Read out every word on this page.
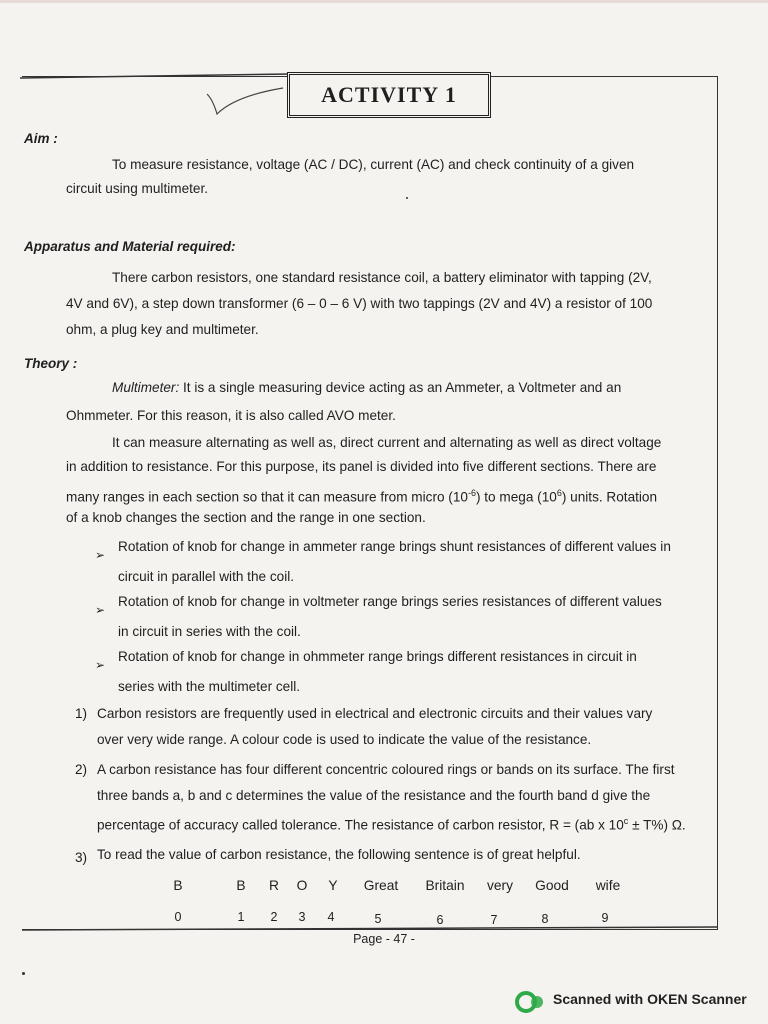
ACTIVITY 1
Aim :
To measure resistance, voltage (AC / DC), current (AC) and check continuity of a given
circuit using multimeter.
Apparatus and Material required:
There carbon resistors, one standard resistance coil, a battery eliminator with tapping (2V,
4V and 6V), a step down transformer (6 – 0 – 6 V) with two tappings (2V and 4V) a resistor of 100
ohm, a plug key and multimeter.
Theory :
Multimeter: It is a single measuring device acting as an Ammeter, a Voltmeter and an
Ohmmeter. For this reason, it is also called AVO meter.
It can measure alternating as well as, direct current and alternating as well as direct voltage
in addition to resistance. For this purpose, its panel is divided into five different sections. There are
many ranges in each section so that it can measure from micro $(10^{-6})$ to mega $(10^6)$ units. Rotation
of a knob changes the section and the range in one section.
➢
Rotation of knob for change in ammeter range brings shunt resistances of different values in
circuit in parallel with the coil.
➢
Rotation of knob for change in voltmeter range brings series resistances of different values
in circuit in series with the coil.
➢
Rotation of knob for change in ohmmeter range brings different resistances in circuit in
series with the multimeter cell.
1) Carbon resistors are frequently used in electrical and electronic circuits and their values vary
over very wide range. A colour code is used to indicate the value of the resistance.
2) A carbon resistance has four different concentric coloured rings or bands on its surface. The first
three bands a, b and c determines the value of the resistance and the fourth band d give the
percentage of accuracy called tolerance. The resistance of carbon resistor, R = (ab x $10^c \pm T\%$) Ω.
3) To read the value of carbon resistance, the following sentence is of great helpful.
B	B	R	O	Y	Great	Britain	very	Good	wife
0	1	2	3	4	5	6	7	8	9
Page - 47 -
Scanned with OKEN Scanner
